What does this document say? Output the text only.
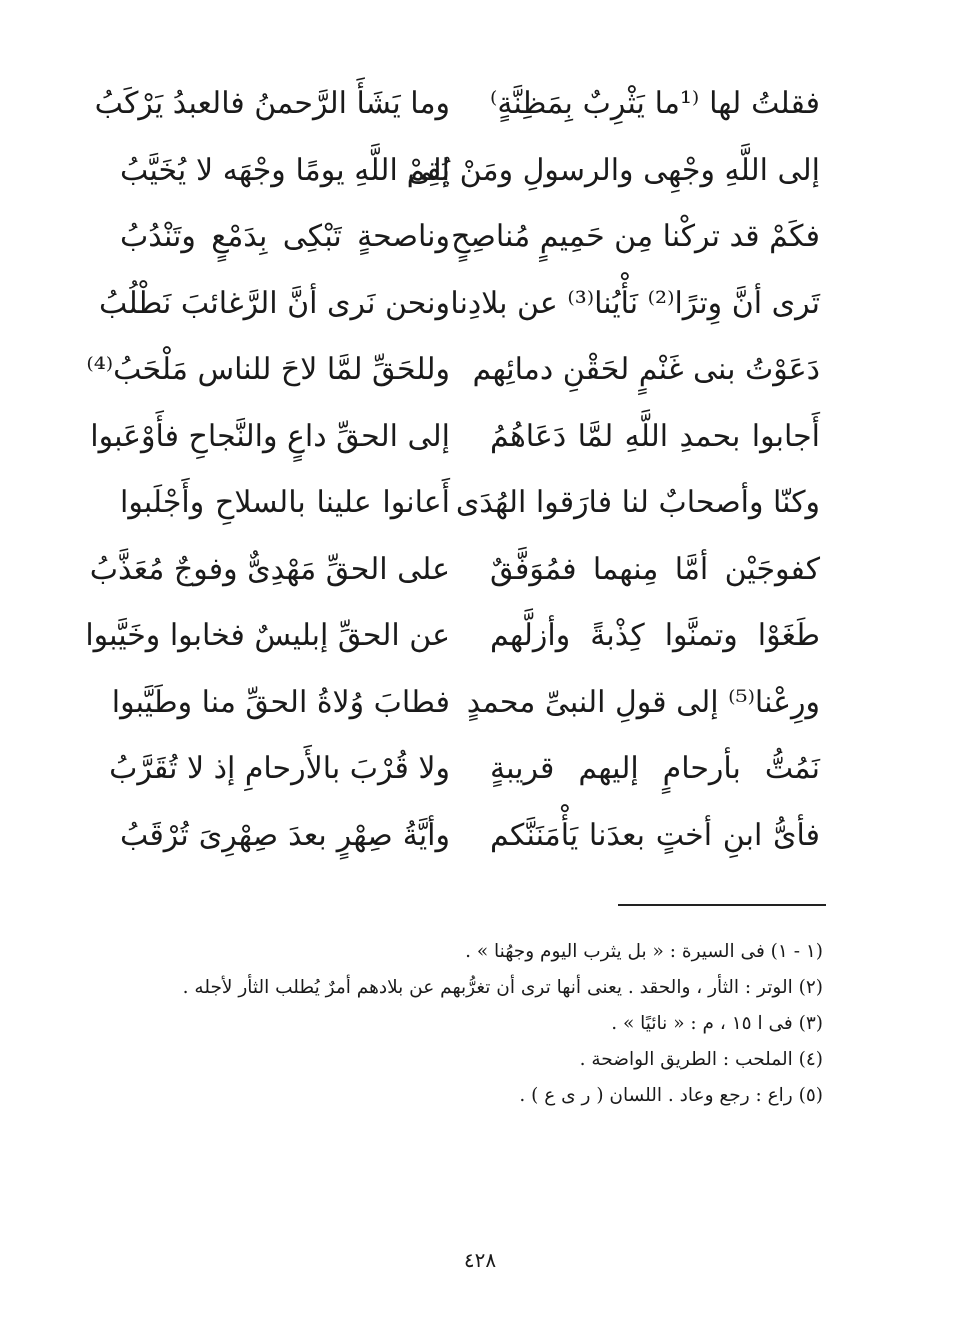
فقلتُ لها ⁽¹ما يَثْرِبٌ بِمَظِنَّةٍ⁾
وما يَشَأَ الرَّحمنُ فالعبدُ يَرْكَبُ
إلى اللَّهِ وجْهِى والرسولِ ومَنْ يُقِمْ
إلى اللَّهِ يومًا وجْهَه لا يُخَيَّبُ
فكَمْ قد تركْنا مِن حَمِيمٍ مُناصِحٍ
وناصحةٍ تَبْكِى بِدَمْعٍ وتَنْدُبُ
تَرى أنَّ وِترًا⁽²⁾ نَأْيُنا⁽³⁾ عن بلادِنا
ونحن نَرى أنَّ الرَّغائبَ نَطْلُبُ
دَعَوْتُ بنى غَنْمٍ لحَقْنِ دمائِهم
وللحَقِّ لمَّا لاحَ للناس مَلْحَبُ⁽⁴⁾
أَجابوا بحمدِ اللَّهِ لمَّا دَعَاهُمُ
إلى الحقِّ داعٍ والنَّجاحِ فأَوْعَبوا
وكنّا وأصحابٌ لنا فارَقوا الهُدَى
أَعانوا علينا بالسلاحِ وأَجْلَبوا
كفوجَيْن أمَّا مِنهما فمُوَفَّقٌ
على الحقِّ مَهْدِىٌّ وفوجٌ مُعَذَّبُ
طَغَوْا وتمنَّوا كِذْبةً وأزلَّهم
عن الحقِّ إبليسٌ فخابوا وخَيَّبوا
ورِعْنا⁽⁵⁾ إلى قولِ النبىِّ محمدٍ
فطابَ وُلاةُ الحقِّ منا وطَيَّبوا
نَمُتُّ بأرحامٍ إليهم قريبةٍ
ولا قُرْبَ بالأَرحامِ إذ لا تُقَرَّبُ
فأىُّ ابنِ أختٍ بعدَنا يَأْمَنَنَّكم
وأيَّةُ صِهْرٍ بعدَ صِهْرِىَ تُرْقَبُ
(١ - ١) فى السيرة : « بل يثرب اليوم وجهُنا » .
(٢) الوتر : الثأر ، والحقد . يعنى أنها ترى أن تغرُّبهم عن بلادهم أمرٌ يُطلب الثأر لأجله .
(٣) فى ا ١٥ ، م : « نائيًا » .
(٤) الملحب : الطريق الواضحة .
(٥) راع : رجع وعاد . اللسان ( ر ى ع ) .
٤٢٨
